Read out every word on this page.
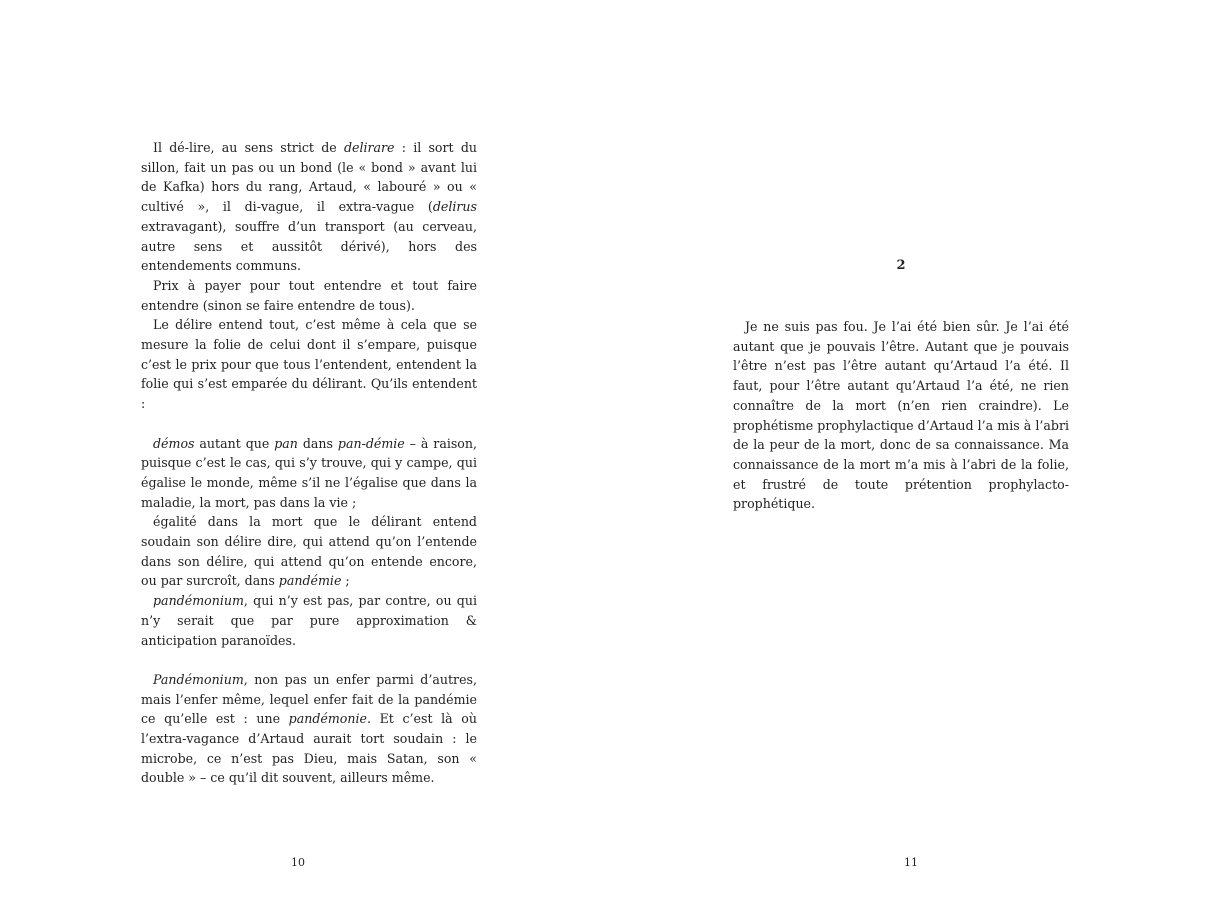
Il dé-lire, au sens strict de delirare : il sort du sillon, fait un pas ou un bond (le « bond » avant lui de Kafka) hors du rang, Artaud, « labouré » ou « cultivé », il di-vague, il extra-vague (delirus extravagant), souffre d’un transport (au cerveau, autre sens et aussitôt dérivé), hors des entendements communs.

Prix à payer pour tout entendre et tout faire entendre (sinon se faire entendre de tous).

Le délire entend tout, c’est même à cela que se mesure la folie de celui dont il s’empare, puisque c’est le prix pour que tous l’entendent, entendent la folie qui s’est emparée du délirant. Qu’ils entendent :

démos autant que pan dans pan-démie – à raison, puisque c’est le cas, qui s’y trouve, qui y campe, qui égalise le monde, même s’il ne l’égalise que dans la maladie, la mort, pas dans la vie ;

égalité dans la mort que le délirant entend soudain son délire dire, qui attend qu’on l’entende dans son délire, qui attend qu’on entende encore, ou par surcroît, dans pandémie ;

pandémonium, qui n’y est pas, par contre, ou qui n’y serait que par pure approximation & anticipation paranoïdes.

Pandémonium, non pas un enfer parmi d’autres, mais l’enfer même, lequel enfer fait de la pandémie ce qu’elle est : une pandémonie. Et c’est là où l’extra-vagance d’Artaud aurait tort soudain : le microbe, ce n’est pas Dieu, mais Satan, son « double » – ce qu’il dit souvent, ailleurs même.

10
2

Je ne suis pas fou. Je l’ai été bien sûr. Je l’ai été autant que je pouvais l’être. Autant que je pouvais l’être n’est pas l’être autant qu’Artaud l’a été. Il faut, pour l’être autant qu’Artaud l’a été, ne rien connaître de la mort (n’en rien craindre). Le prophétisme prophylactique d’Artaud l’a mis à l’abri de la peur de la mort, donc de sa connaissance. Ma connaissance de la mort m’a mis à l’abri de la folie, et frustré de toute prétention prophylacto-prophétique.

11
